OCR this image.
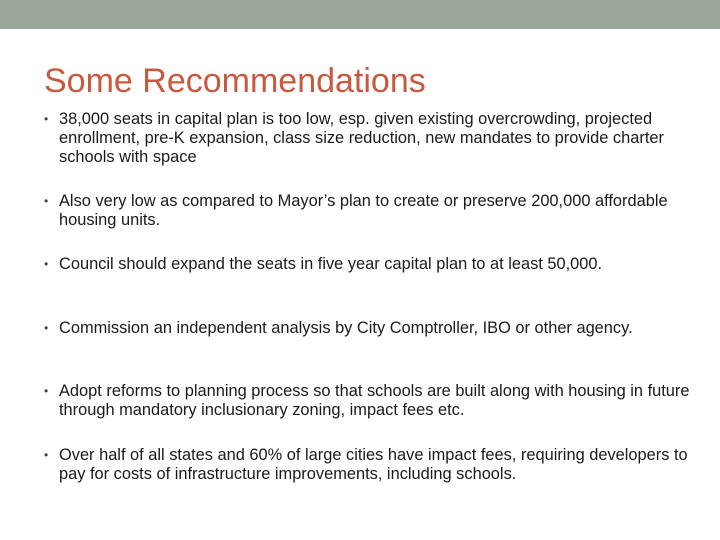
Some Recommendations
• 38,000 seats in capital plan is too low, esp. given existing overcrowding, projected enrollment, pre-K expansion, class size reduction, new mandates to provide charter schools with space
• Also very low as compared to Mayor’s plan to create or preserve 200,000 affordable housing units.
• Council should expand the seats in five year capital plan to at least 50,000.
• Commission an independent analysis by City Comptroller, IBO or other agency.
• Adopt reforms to planning process so that schools are built along with housing in future through mandatory inclusionary zoning, impact fees etc.
• Over half of all states and 60% of large cities have impact fees, requiring developers to pay for costs of infrastructure improvements, including schools.
